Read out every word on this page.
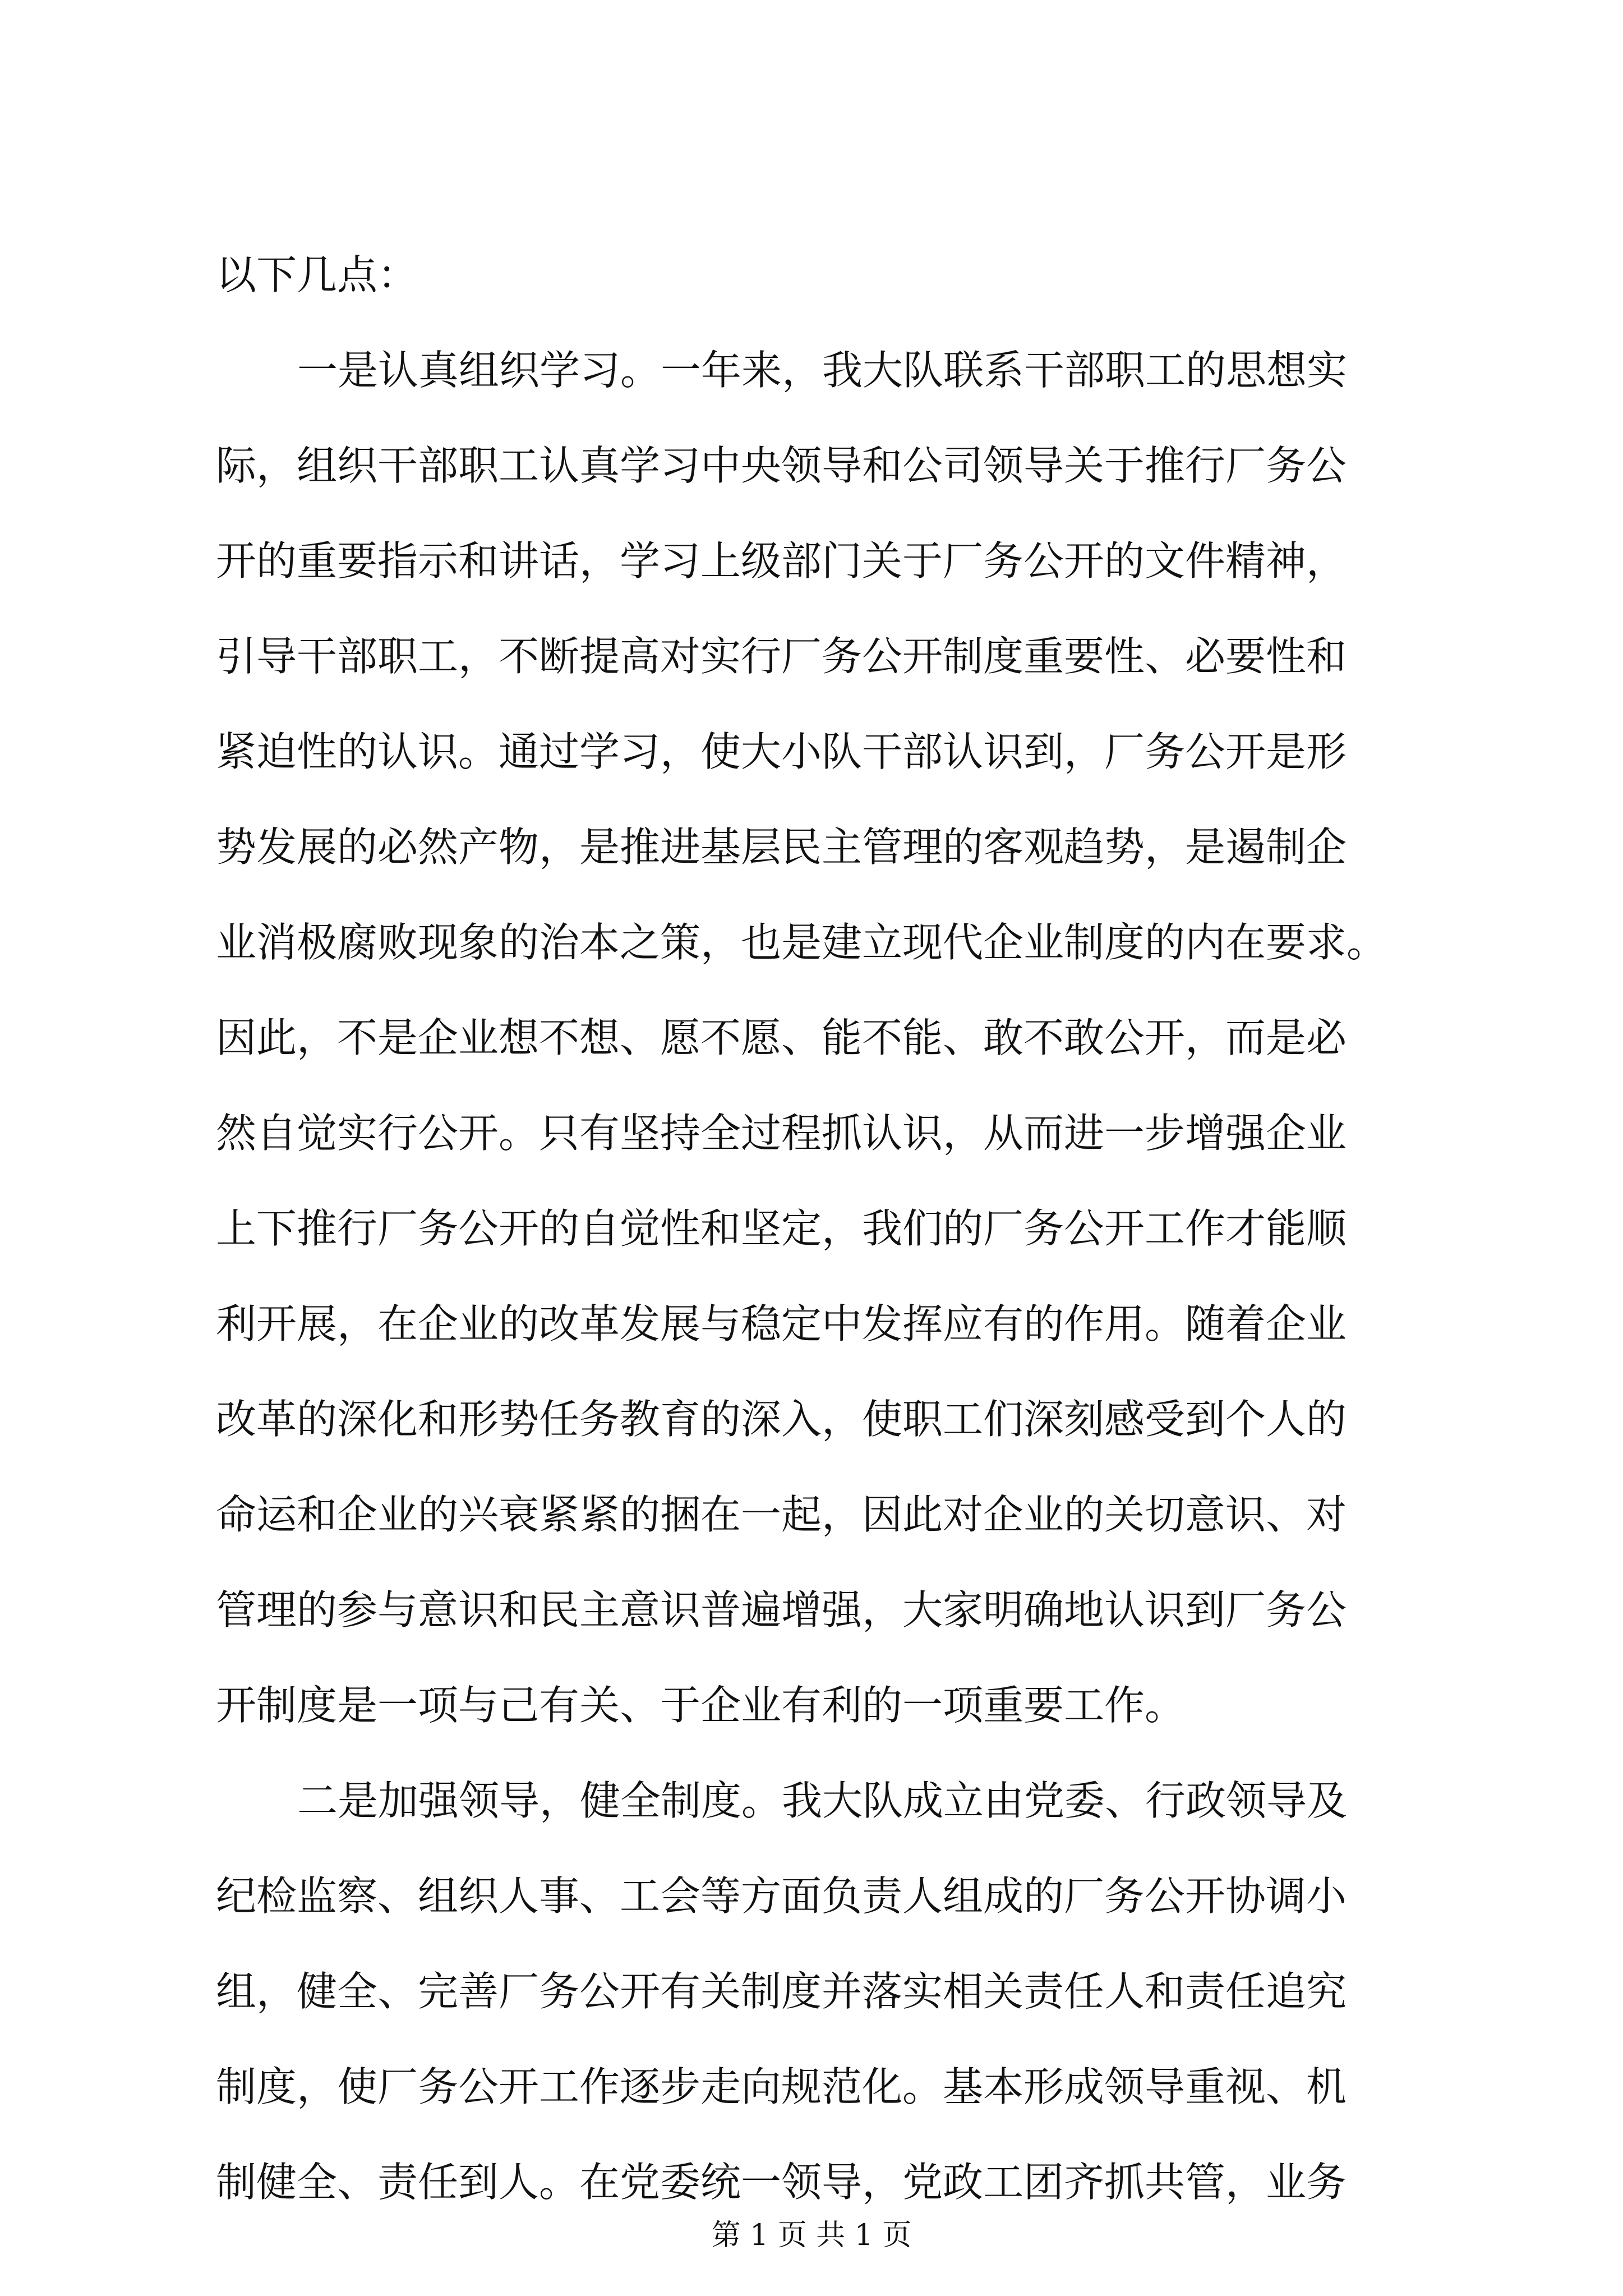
以下几点：
一是认真组织学习。一年来，我大队联系干部职工的思想实
际，组织干部职工认真学习中央领导和公司领导关于推行厂务公
开的重要指示和讲话，学习上级部门关于厂务公开的文件精神，
引导干部职工，不断提高对实行厂务公开制度重要性、必要性和
紧迫性的认识。通过学习，使大小队干部认识到，厂务公开是形
势发展的必然产物，是推进基层民主管理的客观趋势，是遏制企
业消极腐败现象的治本之策，也是建立现代企业制度的内在要求。
因此，不是企业想不想、愿不愿、能不能、敢不敢公开，而是必
然自觉实行公开。只有坚持全过程抓认识，从而进一步增强企业
上下推行厂务公开的自觉性和坚定，我们的厂务公开工作才能顺
利开展，在企业的改革发展与稳定中发挥应有的作用。随着企业
改革的深化和形势任务教育的深入，使职工们深刻感受到个人的
命运和企业的兴衰紧紧的捆在一起，因此对企业的关切意识、对
管理的参与意识和民主意识普遍增强，大家明确地认识到厂务公
开制度是一项与己有关、于企业有利的一项重要工作。
二是加强领导，健全制度。我大队成立由党委、行政领导及
纪检监察、组织人事、工会等方面负责人组成的厂务公开协调小
组，健全、完善厂务公开有关制度并落实相关责任人和责任追究
制度，使厂务公开工作逐步走向规范化。基本形成领导重视、机
制健全、责任到人。在党委统一领导，党政工团齐抓共管，业务
第 1 页 共 1 页
